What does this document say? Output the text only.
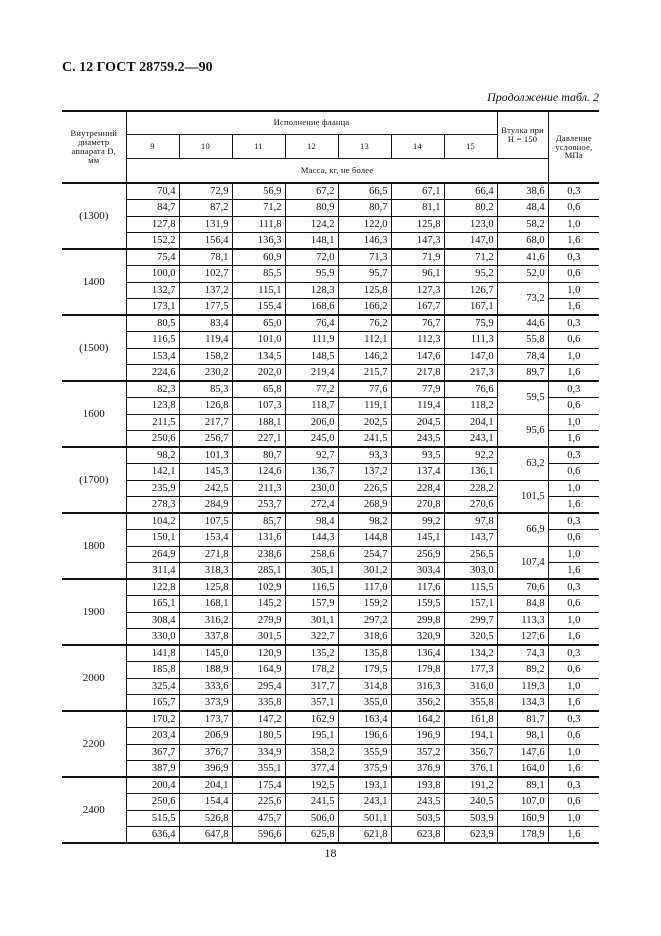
С. 12 ГОСТ 28759.2—90
Продолжение табл. 2
Внутренний диаметр аппарата D, мм	Исполнение фланца							Втулка при H = 150	Давление условное, МПа
	9	10	11	12	13	14	15		
	Масса, кг, не более								
(1300)	70,4	72,9	56,9	67,2	66,5	67,1	66,4	38,6	0,3
	84,7	87,2	71,2	80,9	80,7	81,1	80,2	48,4	0,6
	127,8	131,9	111,8	124,2	122,0	125,8	123,0	58,2	1,0
	152,2	156,4	136,3	148,1	146,3	147,3	147,0	68,0	1,6
1400	75,4	78,1	60,9	72,0	71,3	71,9	71,2	41,6	0,3
	100,0	102,7	85,5	95,9	95,7	96,1	95,2	52,0	0,6
	132,7	137,2	115,1	128,3	125,8	127,3	126,7	73,2	1,0
	173,1	177,5	155,4	168,6	166,2	167,7	167,1		1,6
(1500)	80,5	83,4	65,0	76,4	76,2	76,7	75,9	44,6	0,3
	116,5	119,4	101,0	111,9	112,1	112,3	111,3	55,8	0,6
	153,4	158,2	134,5	148,5	146,2	147,6	147,0	78,4	1,0
	224,6	230,2	202,0	219,4	215,7	217,8	217,3	89,7	1,6
1600	82,3	85,3	65,8	77,2	77,6	77,9	76,6	59,5	0,3
	123,8	126,8	107,3	118,7	119,1	119,4	118,2		0,6
	211,5	217,7	188,1	206,0	202,5	204,5	204,1	95,6	1,0
	250,6	256,7	227,1	245,0	241,5	243,5	243,1		1,6
(1700)	98,2	101,3	80,7	92,7	93,3	93,5	92,2	63,2	0,3
	142,1	145,3	124,6	136,7	137,2	137,4	136,1		0,6
	235,9	242,5	211,3	230,0	226,5	228,4	228,2	101,5	1,0
	278,3	284,9	253,7	272,4	268,9	270,8	270,6		1,6
1800	104,2	107,5	85,7	98,4	98,2	99,2	97,8	66,9	0,3
	150,1	153,4	131,6	144,3	144,8	145,1	143,7		0,6
	264,9	271,8	238,6	258,6	254,7	256,9	256,5	107,4	1,0
	311,4	318,3	285,1	305,1	301,2	303,4	303,0		1,6
1900	122,8	125,8	102,9	116,5	117,0	117,6	115,5	70,6	0,3
	165,1	168,1	145,2	157,9	159,2	159,5	157,1	84,8	0,6
	308,4	316,2	279,9	301,1	297,2	299,8	299,7	113,3	1,0
	330,0	337,8	301,5	322,7	318,6	320,9	320,5	127,6	1,6
2000	141,8	145,0	120,9	135,2	135,8	136,4	134,2	74,3	0,3
	185,8	188,9	164,9	178,2	179,5	179,8	177,3	89,2	0,6
	325,4	333,6	295,4	317,7	314,8	316,3	316,0	119,3	1,0
	165,7	373,9	335,8	357,1	355,0	356,2	355,8	134,3	1,6
2200	170,2	173,7	147,2	162,9	163,4	164,2	161,8	81,7	0,3
	203,4	206,9	180,5	195,1	196,6	196,9	194,1	98,1	0,6
	367,7	376,7	334,9	358,2	355,9	357,2	356,7	147,6	1,0
	387,9	396,9	355,1	377,4	375,9	376,9	376,1	164,0	1,6
2400	200,4	204,1	175,4	192,5	193,1	193,8	191,2	89,1	0,3
	250,6	154,4	225,6	241,5	243,1	243,5	240,5	107,0	0,6
	515,5	526,8	475,7	506,0	501,1	503,5	503,9	160,9	1,0
	636,4	647,8	596,6	625,8	621,8	623,8	623,9	178,9	1,6
18
